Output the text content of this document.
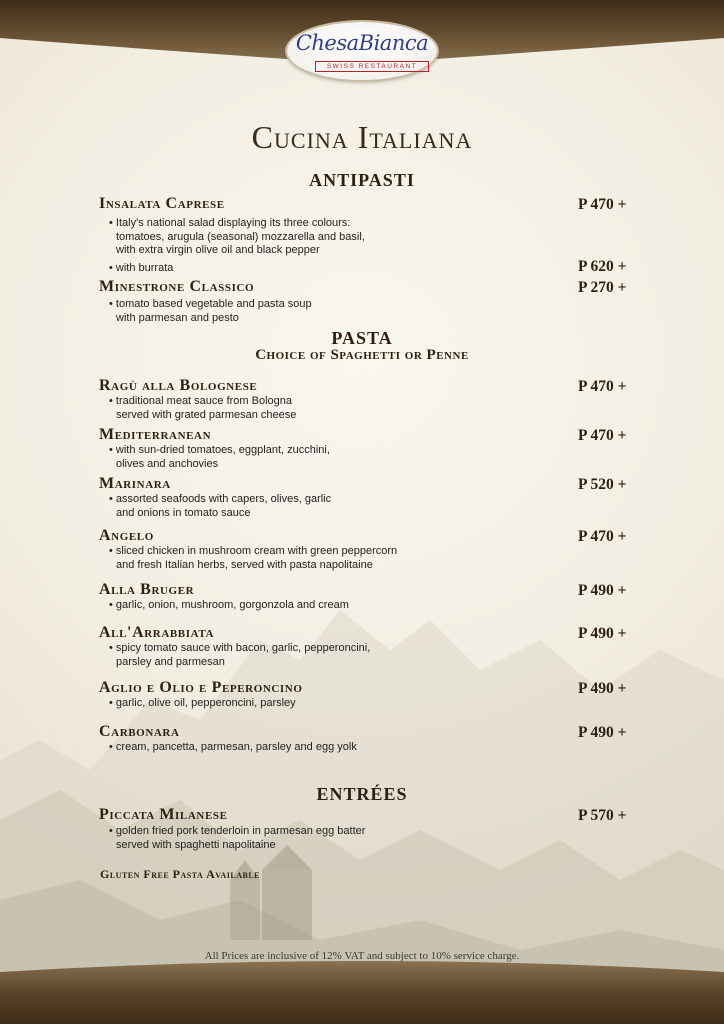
ChesaBianca
SWISS RESTAURANT
Cucina Italiana
ANTIPASTI
Insalata Caprese	P 470 +
• Italy's national salad displaying its three colours:
tomatoes, arugula (seasonal) mozzarella and basil,
with extra virgin olive oil and black pepper
P 620 +
• with burrata
Minestrone Classico	P 270 +
• tomato based vegetable and pasta soup
with parmesan and pesto
PASTA
Choice of Spaghetti or Penne
Ragù alla Bolognese	P 470 +
• traditional meat sauce from Bologna
served with grated parmesan cheese
Mediterranean	P 470 +
• with sun-dried tomatoes, eggplant, zucchini,
olives and anchovies
Marinara	P 520 +
• assorted seafoods with capers, olives, garlic
and onions in tomato sauce
Angelo	P 470 +
• sliced chicken in mushroom cream with green peppercorn
and fresh Italian herbs, served with pasta napolitaine
Alla Bruger	P 490 +
• garlic, onion, mushroom, gorgonzola and cream
All'Arrabbiata	P 490 +
• spicy tomato sauce with bacon, garlic, pepperoncini,
parsley and parmesan
Aglio e Olio e Peperoncino	P 490 +
• garlic, olive oil, pepperoncini, parsley
Carbonara	P 490 +
• cream, pancetta, parmesan, parsley and egg yolk
ENTRÉES
Piccata Milanese	P 570 +
• golden fried pork tenderloin in parmesan egg batter
served with spaghetti napolitaine
Gluten Free Pasta Available
All Prices are inclusive of 12% VAT and subject to 10% service charge.
